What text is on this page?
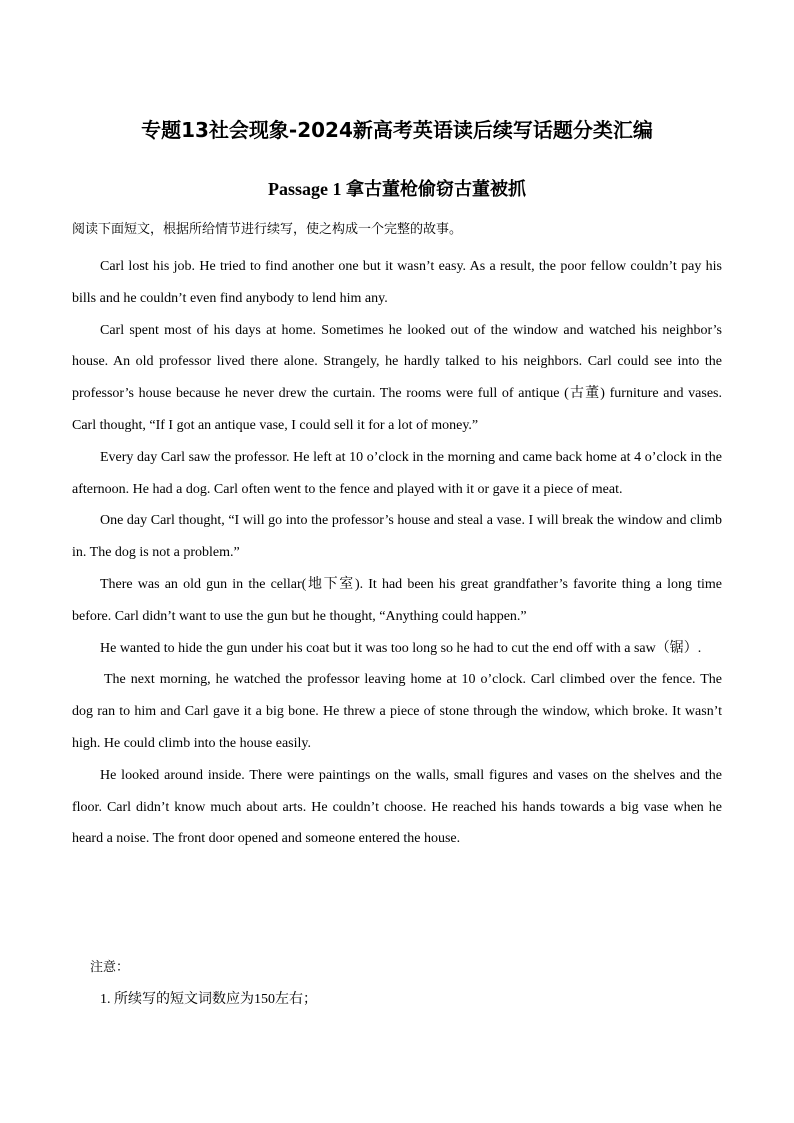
专题13社会现象-2024新高考英语读后续写话题分类汇编
Passage 1 拿古董枪偷窃古董被抓
阅读下面短文，根据所给情节进行续写，使之构成一个完整的故事。

Carl lost his job. He tried to find another one but it wasn’t easy. As a result, the poor fellow couldn’t pay his bills and he couldn’t even find anybody to lend him any.

Carl spent most of his days at home. Sometimes he looked out of the window and watched his neighbor’s house. An old professor lived there alone. Strangely, he hardly talked to his neighbors. Carl could see into the professor’s house because he never drew the curtain. The rooms were full of antique (古董) furniture and vases. Carl thought, “If I got an antique vase, I could sell it for a lot of money.”

Every day Carl saw the professor. He left at 10 o’clock in the morning and came back home at 4 o’clock in the afternoon. He had a dog. Carl often went to the fence and played with it or gave it a piece of meat.

One day Carl thought, “I will go into the professor’s house and steal a vase. I will break the window and climb in. The dog is not a problem.”

There was an old gun in the cellar(地下室). It had been his great grandfather’s favorite thing a long time before. Carl didn’t want to use the gun but he thought, “Anything could happen.”

He wanted to hide the gun under his coat but it was too long so he had to cut the end off with a saw（锯）.

The next morning, he watched the professor leaving home at 10 o’clock. Carl climbed over the fence. The dog ran to him and Carl gave it a big bone. He threw a piece of stone through the window, which broke. It wasn’t high. He could climb into the house easily.

He looked around inside. There were paintings on the walls, small figures and vases on the shelves and the floor. Carl didn’t know much about arts. He couldn’t choose. He reached his hands towards a big vase when he heard a noise. The front door opened and someone entered the house.

注意：

1. 所续写的短文词数应为150左右；
